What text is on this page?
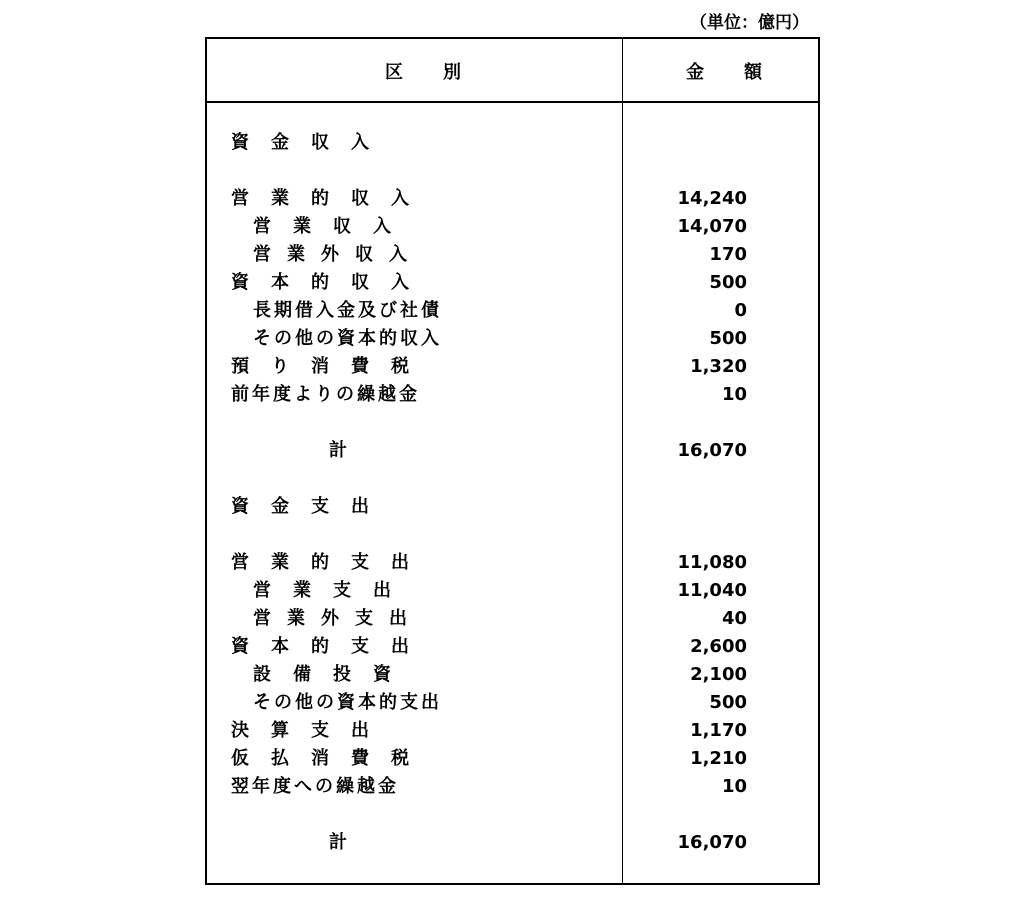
（単位：億円）
区別	金額
資金収入
営業的収入	14,240
営業収入	14,070
営業外収入	170
資本的収入	500
長期借入金及び社債	0
その他の資本的収入	500
預り消費税	1,320
前年度よりの繰越金	10
計	16,070
資金支出
営業的支出	11,080
営業支出	11,040
営業外支出	40
資本的支出	2,600
設備投資	2,100
その他の資本的支出	500
決算支出	1,170
仮払消費税	1,210
翌年度への繰越金	10
計	16,070
